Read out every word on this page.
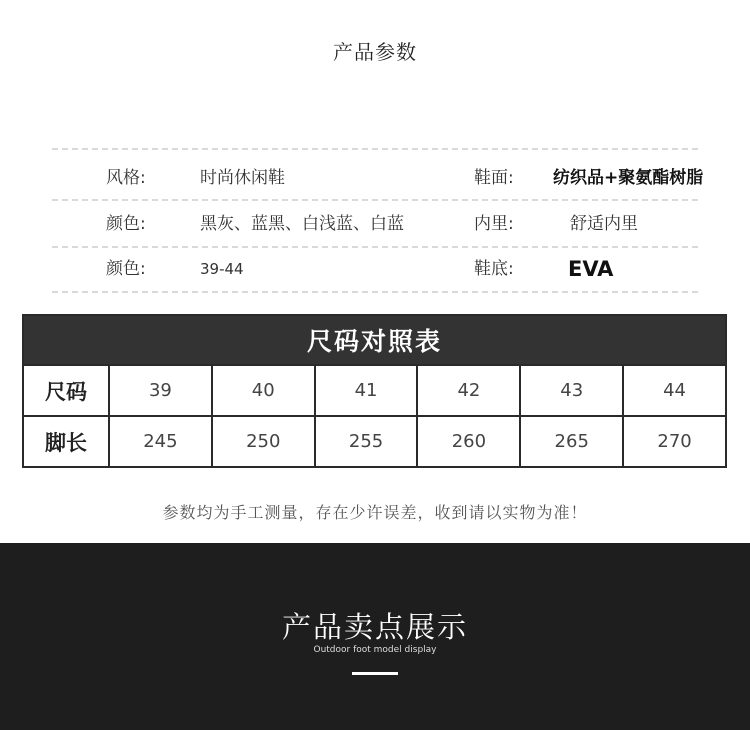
产品参数
风格:	时尚休闲鞋	鞋面: 纺织品+聚氨酯树脂
颜色:	黑灰、蓝黑、白浅蓝、白蓝	内里:	舒适内里
颜色:	39-44	鞋底:	EVA
尺码对照表						
尺码	39	40	41	42	43	44
脚长	245	250	255	260	265	270
参数均为手工测量，存在少许误差，收到请以实物为准！
产品卖点展示
Outdoor foot model display
